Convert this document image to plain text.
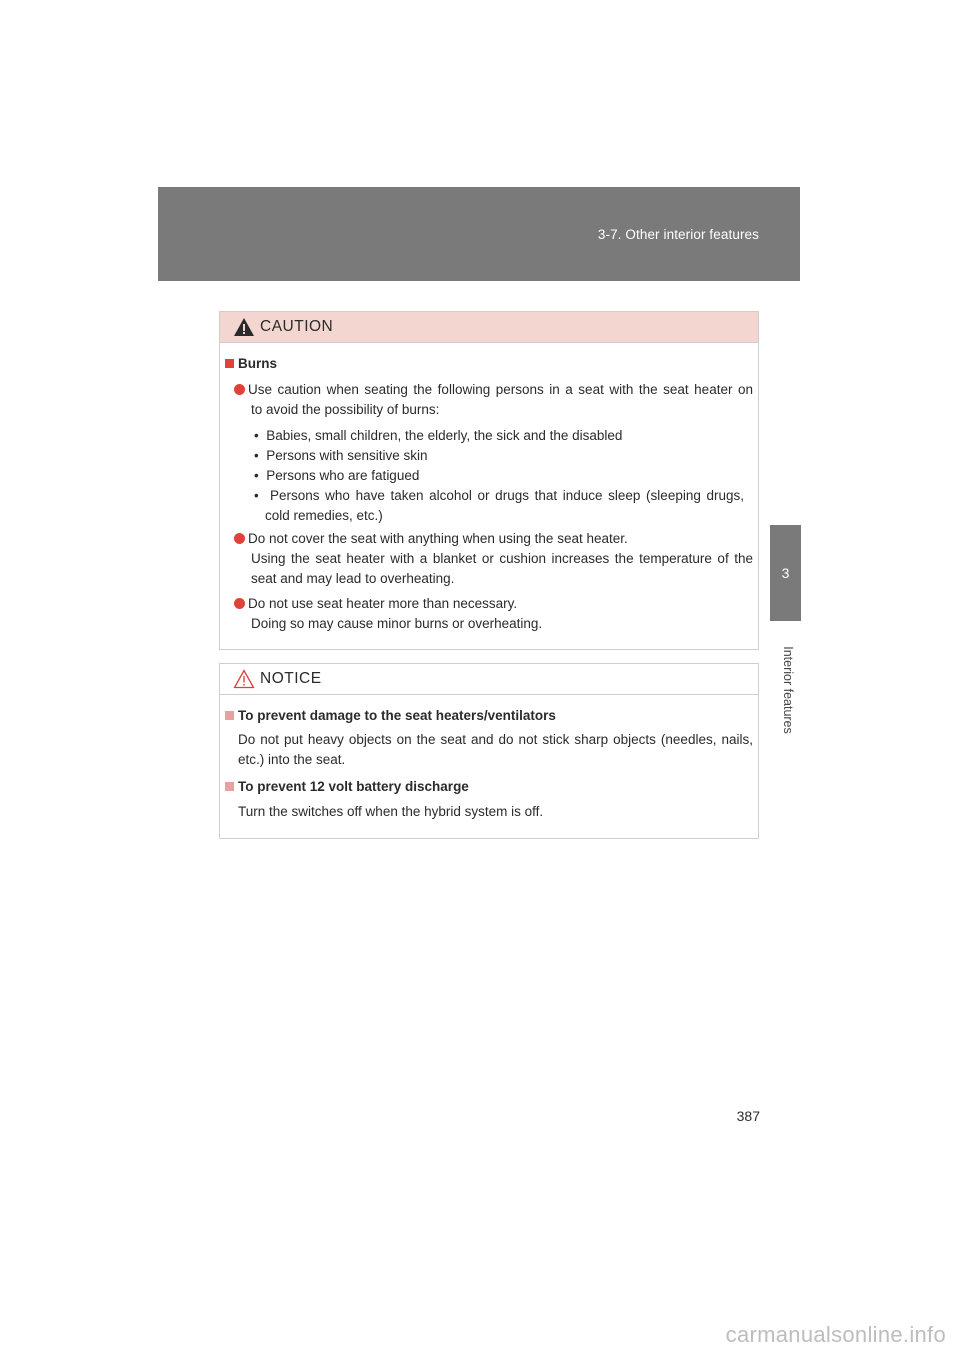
3-7. Other interior features
3
Interior features
CAUTION
Burns
Use caution when seating the following persons in a seat with the seat heater on
to avoid the possibility of burns:
• Babies, small children, the elderly, the sick and the disabled
• Persons with sensitive skin
• Persons who are fatigued
• Persons who have taken alcohol or drugs that induce sleep (sleeping drugs,
cold remedies, etc.)
Do not cover the seat with anything when using the seat heater.
Using the seat heater with a blanket or cushion increases the temperature of the
seat and may lead to overheating.
Do not use seat heater more than necessary.
Doing so may cause minor burns or overheating.
NOTICE
To prevent damage to the seat heaters/ventilators
Do not put heavy objects on the seat and do not stick sharp objects (needles, nails,
etc.) into the seat.
To prevent 12 volt battery discharge
Turn the switches off when the hybrid system is off.
387
carmanualsonline.info
